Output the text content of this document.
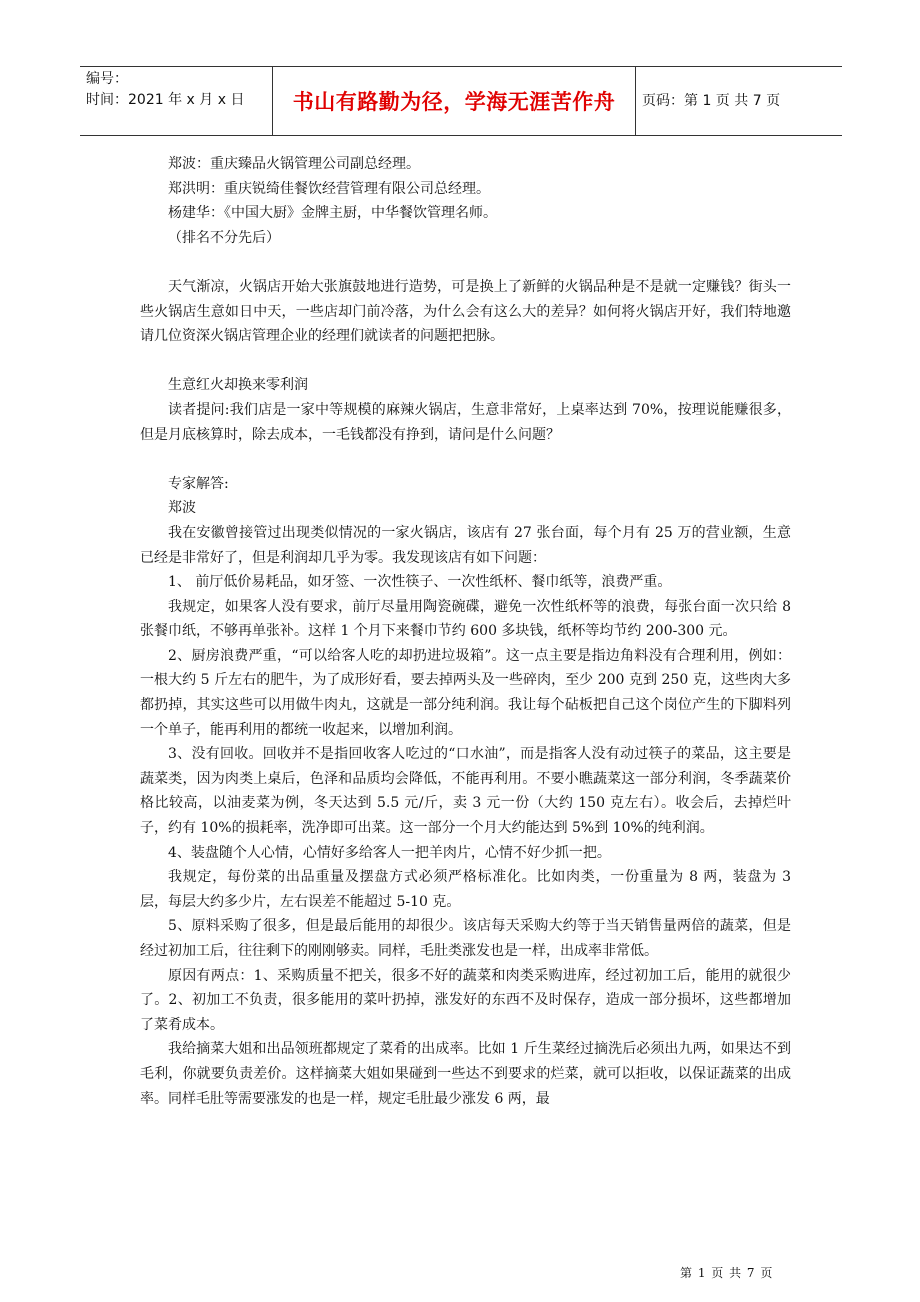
编号：
时间：2021 年 x 月 x 日	书山有路勤为径，学海无涯苦作舟	页码：第 1 页 共 7 页

郑波：重庆臻品火锅管理公司副总经理。

郑洪明：重庆锐绮佳餐饮经营管理有限公司总经理。

杨建华：《中国大厨》金牌主厨，中华餐饮管理名师。

（排名不分先后）

天气渐凉，火锅店开始大张旗鼓地进行造势，可是换上了新鲜的火锅品种是不是就一定赚钱？街头一些火锅店生意如日中天，一些店却门前冷落，为什么会有这么大的差异？如何将火锅店开好，我们特地邀请几位资深火锅店管理企业的经理们就读者的问题把把脉。

生意红火却换来零利润

读者提问:我们店是一家中等规模的麻辣火锅店，生意非常好，上桌率达到 70%，按理说能赚很多，但是月底核算时，除去成本，一毛钱都没有挣到，请问是什么问题？

专家解答:

郑波

我在安徽曾接管过出现类似情况的一家火锅店，该店有 27 张台面，每个月有 25 万的营业额，生意已经是非常好了，但是利润却几乎为零。我发现该店有如下问题：

1、 前厅低价易耗品，如牙签、一次性筷子、一次性纸杯、餐巾纸等，浪费严重。

我规定，如果客人没有要求，前厅尽量用陶瓷碗碟，避免一次性纸杯等的浪费，每张台面一次只给 8 张餐巾纸，不够再单张补。这样 1 个月下来餐巾节约 600 多块钱，纸杯等均节约 200-300 元。

2、厨房浪费严重，“可以给客人吃的却扔进垃圾箱”。这一点主要是指边角料没有合理利用，例如：一根大约 5 斤左右的肥牛，为了成形好看，要去掉两头及一些碎肉，至少 200 克到 250 克，这些肉大多都扔掉，其实这些可以用做牛肉丸，这就是一部分纯利润。我让每个砧板把自己这个岗位产生的下脚料列一个单子，能再利用的都统一收起来，以增加利润。

3、没有回收。回收并不是指回收客人吃过的“口水油”，而是指客人没有动过筷子的菜品，这主要是蔬菜类，因为肉类上桌后，色泽和品质均会降低，不能再利用。不要小瞧蔬菜这一部分利润，冬季蔬菜价格比较高，以油麦菜为例，冬天达到 5.5 元/斤，卖 3 元一份（大约 150 克左右）。收会后，去掉烂叶子，约有 10%的损耗率，洗净即可出菜。这一部分一个月大约能达到 5%到 10%的纯利润。

4、装盘随个人心情，心情好多给客人一把羊肉片，心情不好少抓一把。

我规定，每份菜的出品重量及摆盘方式必须严格标准化。比如肉类，一份重量为 8 两，装盘为 3 层，每层大约多少片，左右误差不能超过 5-10 克。

5、原料采购了很多，但是最后能用的却很少。该店每天采购大约等于当天销售量两倍的蔬菜，但是经过初加工后，往往剩下的刚刚够卖。同样，毛肚类涨发也是一样，出成率非常低。

原因有两点：1、采购质量不把关，很多不好的蔬菜和肉类采购进库，经过初加工后，能用的就很少了。2、初加工不负责，很多能用的菜叶扔掉，涨发好的东西不及时保存，造成一部分损坏，这些都增加了菜肴成本。

我给摘菜大姐和出品领班都规定了菜肴的出成率。比如 1 斤生菜经过摘洗后必须出九两，如果达不到毛利，你就要负责差价。这样摘菜大姐如果碰到一些达不到要求的烂菜，就可以拒收，以保证蔬菜的出成率。同样毛肚等需要涨发的也是一样，规定毛肚最少涨发 6 两，最

第 1 页 共 7 页
